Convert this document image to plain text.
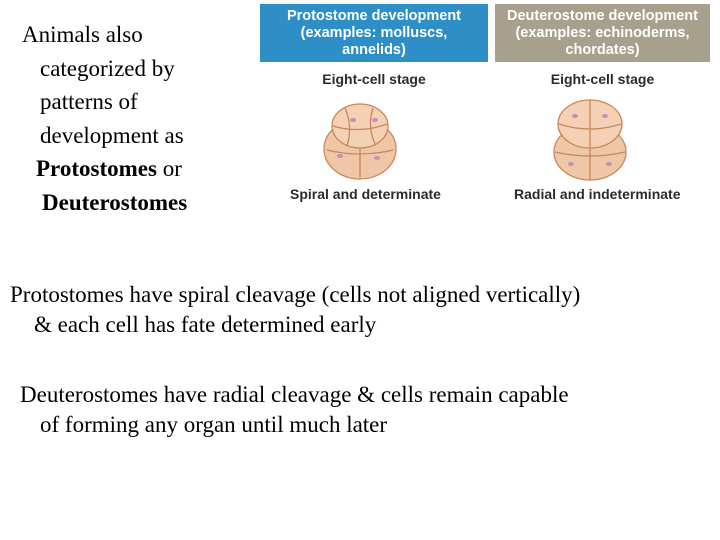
Animals also
categorized by
patterns of
development as
Protostomes or
Deuterostomes
Protostome development
(examples: molluscs,
annelids)
Deuterostome development
(examples: echinoderms,
chordates)
Eight-cell stage	Eight-cell stage
Spiral and determinate	Radial and indeterminate
Protostomes have spiral cleavage (cells not aligned vertically)
& each cell has fate determined early
Deuterostomes have radial cleavage & cells remain capable
of forming any organ until much later
